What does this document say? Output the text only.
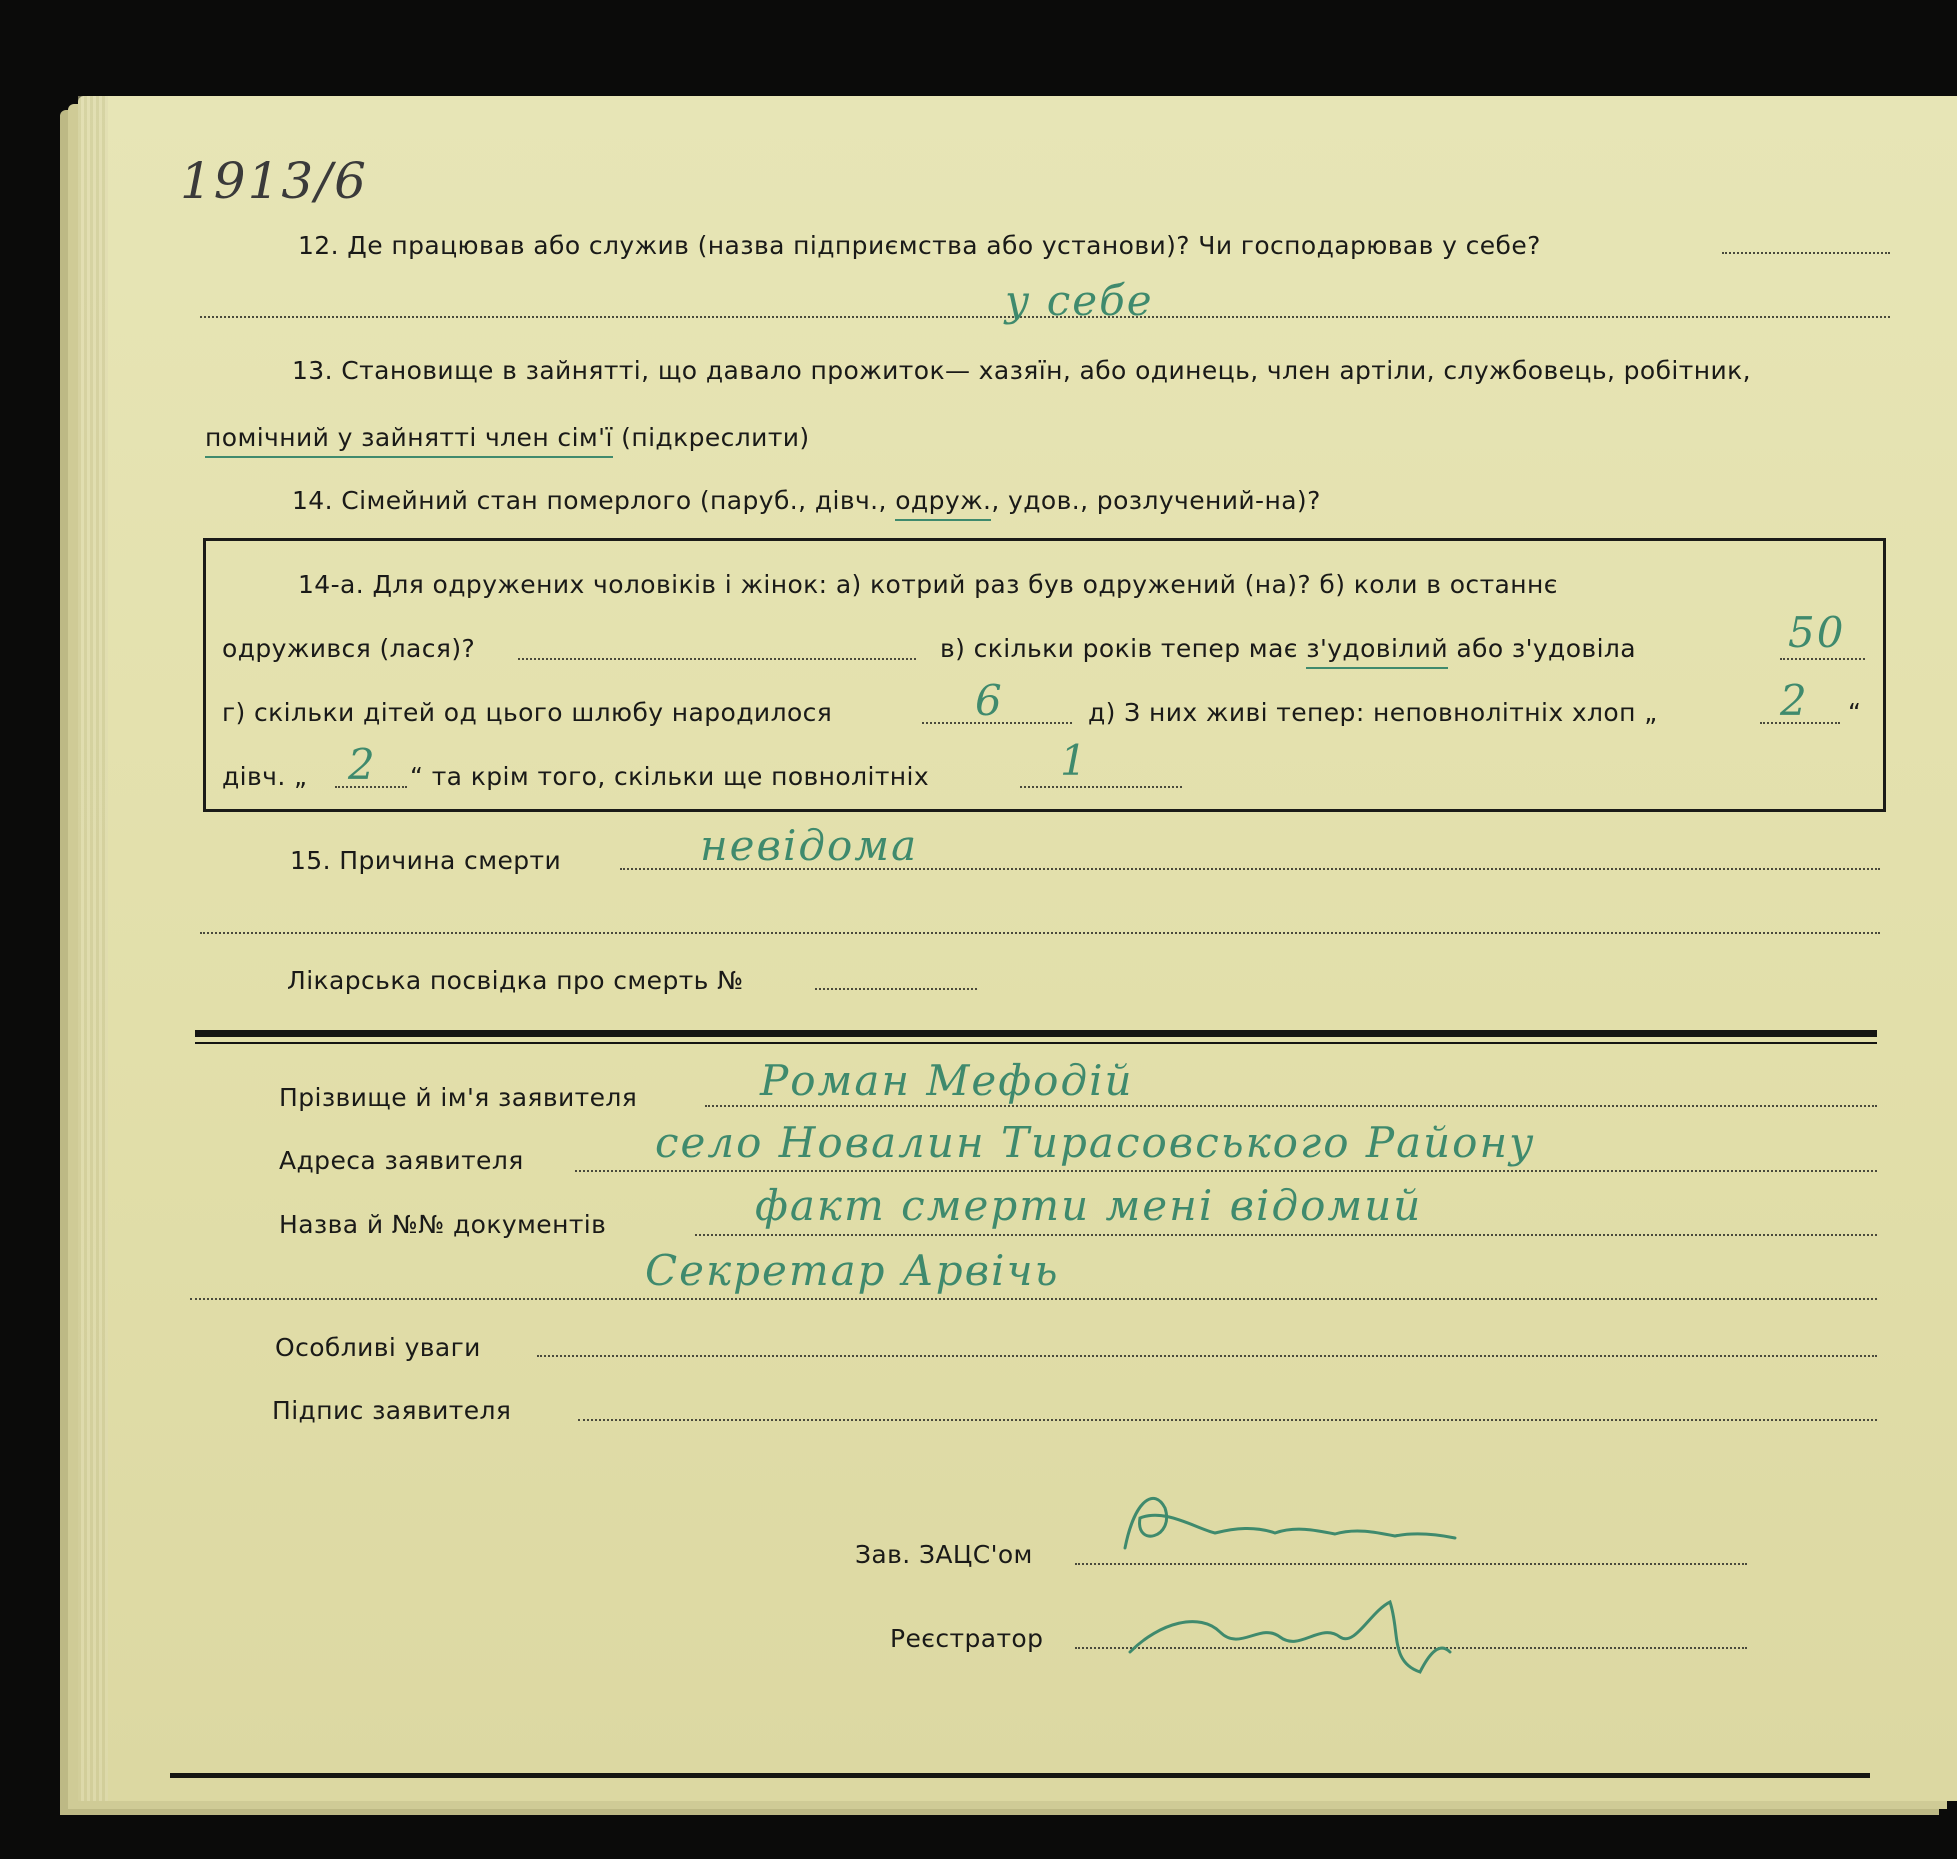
1913/6
12. Де працював або служив (назва підприємства або установи)? Чи господарював у себе?
у себе
13. Становище в зайнятті, що давало прожиток— хазяїн, або одинець, член артіли, службовець, робітник,
помічний у зайнятті член сім'ї (підкреслити)
14. Сімейний стан померлого (паруб., дівч., одруж., удов., розлучений-на)?
14-а. Для одружених чоловіків і жінок: а) котрий раз був одружений (на)? б) коли в останнє
одружився (лася)?	в) скільки років тепер має з'удовілий або з'удовіла	50
г) скільки дітей од цього шлюбу народилося	6	д) З них живі тепер: неповнолітніх хлоп „	2 “
дівч. „ 2 “ та крім того, скільки ще повнолітніх	1
15. Причина смерти	невідома
Лікарська посвідка про смерть №
Прізвище й ім'я заявителя	Роман Мефодій
Адреса заявителя	село Новалин Тирасовського Району
Назва й №№ документів	факт смерти мені відомий
Секретар Арвічь
Особливі уваги
Підпис заявителя
Зав. ЗАЦС'ом
Реєстратор
